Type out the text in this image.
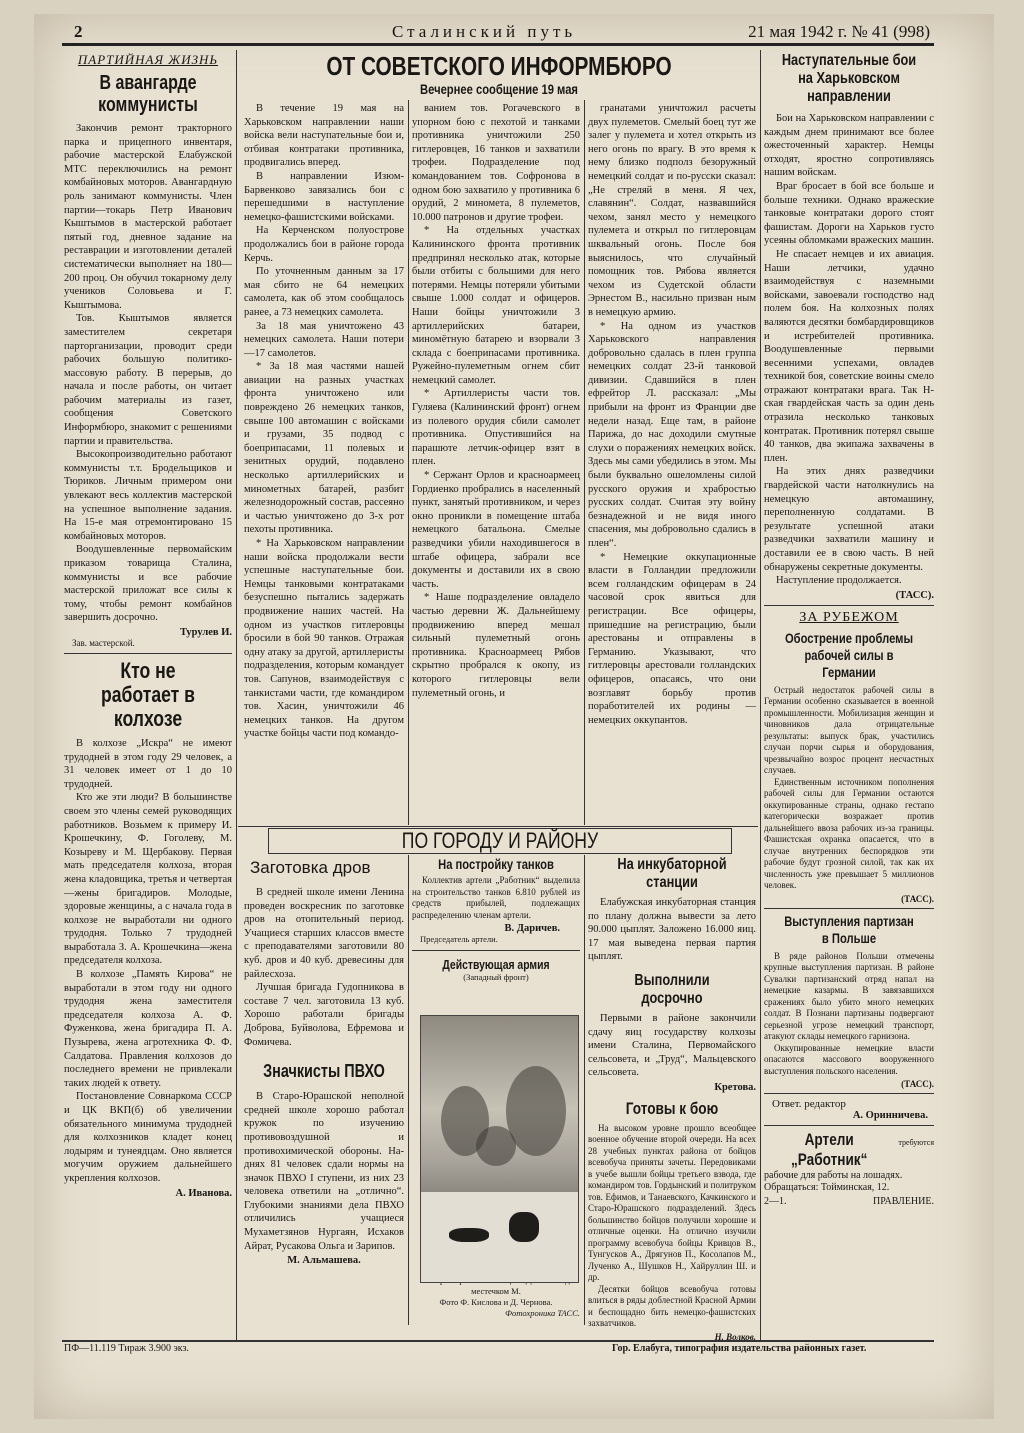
2	Сталинский путь	21 мая 1942 г. № 41 (998)
ПАРТИЙНАЯ ЖИЗНЬ
В авангарде коммунисты

Закончив ремонт тракторного парка и прицепного инвентаря, рабочие мастерской Елабужской МТС переключились на ремонт комбайновых моторов. Авангардную роль занимают коммунисты. Член партии—токарь Петр Иванович Кыштымов в мастерской работает пятый год, дневное задание на реставрации и изготовлении деталей систематически выполняет на 180—200 проц. Он обучил токарному делу учеников Соловьева и Г. Кыштымова.

Тов. Кыштымов является заместителем секретаря парторганизации, проводит среди рабочих большую политико-массовую работу. В перерыв, до начала и после работы, он читает рабочим материалы из газет, сообщения Советского Информбюро, знакомит с решениями партии и правительства.

Высокопроизводительно работают коммунисты т.т. Бродельщиков и Тюриков. Личным примером они увлекают весь коллектив мастерской на успешное выполнение задания. На 15-е мая отремонтировано 15 комбайновых моторов.

Воодушевленные первомайским приказом товарища Сталина, коммунисты и все рабочие мастерской приложат все силы к тому, чтобы ремонт комбайнов завершить досрочно.

Турулев И.
Зав. мастерской.
Кто не работает в колхозе

В колхозе „Искра“ не имеют трудодней в этом году 29 человек, а 31 человек имеет от 1 до 10 трудодней.

Кто же эти люди? В большинстве своем это члены семей руководящих работников. Возьмем к примеру И. Крошечкину, Ф. Гоголеву, М. Козыреву и М. Щербакову. Первая мать председателя колхоза, вторая жена кладовщика, третья и четвертая—жены бригадиров. Молодые, здоровые женщины, а с начала года в колхозе не выработали ни одного трудодня. Только 7 трудодней выработала З. А. Крошечкина—жена председателя колхоза.

В колхозе „Память Кирова“ не выработали в этом году ни одного трудодня жена заместителя председателя колхоза А. Ф. Фуженкова, жена бригадира П. А. Пузырева, жена агротехника Ф. Ф. Салдатова. Правления колхозов до последнего времени не привлекали таких людей к ответу.

Постановление Совнаркома СССР и ЦК ВКП(б) об увеличении обязательного минимума трудодней для колхозников кладет конец лодырям и тунеядцам. Оно является могучим оружием дальнейшего укрепления колхозов.

А. Иванова.
ОТ СОВЕТСКОГО ИНФОРМБЮРО
Вечернее сообщение 19 мая

В течение 19 мая на Харьковском направлении наши войска вели наступательные бои и, отбивая контратаки противника, продвигались вперед.

В направлении Изюм-Барвенково завязались бои с перешедшими в наступление немецко-фашистскими войсками.

На Керченском полуострове продолжались бои в районе города Керчь.

По уточненным данным за 17 мая сбито не 64 немецких самолета, как об этом сообщалось ранее, а 73 немецких самолета.

За 18 мая уничтожено 43 немецких самолета. Наши потери—17 самолетов.

* За 18 мая частями нашей авиации на разных участках фронта уничтожено или повреждено 26 немецких танков, свыше 100 автомашин с войсками и грузами, 35 подвод с боеприпасами, 11 полевых и зенитных орудий, подавлено несколько артиллерийских и минометных батарей, разбит железнодорожный состав, рассеяно и частью уничтожено до 3-х рот пехоты противника.

* На Харьковском направлении наши войска продолжали вести успешные наступательные бои. Немцы танковыми контратаками безуспешно пытались задержать продвижение наших частей. На одном из участков гитлеровцы бросили в бой 90 танков. Отражая одну атаку за другой, артиллеристы подразделения, которым командует тов. Сапунов, взаимодействуя с танкистами части, где командиром тов. Хасин, уничтожили 46 немецких танков. На другом участке бойцы части под командо-

ванием тов. Рогачевского в упорном бою с пехотой и танками противника уничтожили 250 гитлеровцев, 16 танков и захватили трофеи. Подразделение под командованием тов. Софронова в одном бою захватило у противника 6 орудий, 2 миномета, 8 пулеметов, 10.000 патронов и другие трофеи.

* На отдельных участках Калининского фронта противник предпринял несколько атак, которые были отбиты с большими для него потерями. Немцы потеряли убитыми свыше 1.000 солдат и офицеров. Наши бойцы уничтожили 3 артиллерийских батареи, миномётную батарею и взорвали 3 склада с боеприпасами противника. Ружейно-пулеметным огнем сбит немецкий самолет.

* Артиллеристы части тов. Гуляева (Калининский фронт) огнем из полевого орудия сбили самолет противника. Опустившийся на парашюте летчик-офицер взят в плен.

* Сержант Орлов и красноармеец Гордиенко пробрались в населенный пункт, занятый противником, и через окно проникли в помещение штаба немецкого батальона. Смелые разведчики убили находившегося в штабе офицера, забрали все документы и доставили их в свою часть.

* Наше подразделение овладело частью деревни Ж. Дальнейшему продвижению вперед мешал сильный пулеметный огонь противника. Красноармеец Рябов скрытно пробрался к окопу, из которого гитлеровцы вели пулеметный огонь, и

гранатами уничтожил расчеты двух пулеметов. Смелый боец тут же залег у пулемета и хотел открыть из него огонь по врагу. В это время к нему близко подполз безоружный немецкий солдат и по-русски сказал: „Не стреляй в меня. Я чех, славянин“. Солдат, назвавшийся чехом, занял место у немецкого пулемета и открыл по гитлеровцам шквальный огонь. После боя выяснилось, что случайный помощник тов. Рябова является чехом из Судетской области Эрнестом В., насильно призван ным в немецкую армию.

* На одном из участков Харьковского направления добровольно сдалась в плен группа немецких солдат 23-й танковой дивизии. Сдавшийся в плен ефрейтор Л. рассказал: „Мы прибыли на фронт из Франции две недели назад. Еще там, в районе Парижа, до нас доходили смутные слухи о поражениях немецких войск. Здесь мы сами убедились в этом. Мы были буквально ошеломлены силой русского оружия и храбростью русских солдат. Считая эту войну безнадежной и не видя иного спасения, мы добровольно сдались в плен“.

* Немецкие оккупационные власти в Голландии предложили всем голландским офицерам в 24 часовой срок явиться для регистрации. Все офицеры, пришедшие на регистрацию, были арестованы и отправлены в Германию. Указывают, что гитлеровцы арестовали голландских офицеров, опасаясь, что они возглавят борьбу против поработителей их родины — немецких оккупантов.

ПО ГОРОДУ И РАЙОНУ
Заготовка дров

В средней школе имени Ленина проведен воскресник по заготовке дров на отопительный период. Учащиеся старших классов вместе с преподавателями заготовили 80 куб. дров и 40 куб. древесины для райлесхоза.

Лучшая бригада Гудопникова в составе 7 чел. заготовила 13 куб. Хорошо работали бригады Доброва, Буйволова, Ефремова и Фомичева.

Значкисты ПВХО

В Старо-Юрашской неполной средней школе хорошо работал кружок по изучению противовоздушной и противохимической обороны. На-днях 81 человек сдали нормы на значок ПВХО I ступени, из них 23 человека ответили на „отлично“. Глубокими знаниями дела ПВХО отличились учащиеся Мухаметзянов Нургаян, Исхаков Айрат, Русакова Ольга и Зарипов.

М. Альмашева.
На постройку танков

Коллектив артели „Работник“ выделила на строительство танков 6.810 рублей из средств прибылей, подлежащих распределению членам артели.

В. Даричев.
Председатель артели.
Действующая армия
(Западный фронт)
местечком М.
Фото Ф. Кислова и Д. Чернова.
Фотохроника ТАСС.
На инкубаторной станции

Елабужская инкубаторная станция по плану должна вывести за лето 90.000 цыплят. Заложено 16.000 яиц. 17 мая выведена первая партия цыплят.

Выполнили досрочно

Первыми в районе закончили сдачу яиц государству колхозы имени Сталина, Первомайского сельсовета, и „Труд“, Мальцевского сельсовета.

Кретова.
Готовы к бою

На высоком уровне прошло всеобщее военное обучение второй очереди. На всех 28 учебных пунктах района от бойцов всевобуча приняты зачеты. Передовиками в учебе вышли бойцы третьего взвода, где командиром тов. Гордынский и политруком тов. Ефимов, и Танаевского, Качкинского и Старо-Юрашского подразделений. Здесь большинство бойцов получили хорошие и отличные оценки. На отлично изучили программу всевобуча бойцы Кривцов В., Тунгусков А., Дрягунов П., Косолапов М., Лученко А., Шушков Н., Хайруллин Ш. и др.

Десятки бойцов всевобуча готовы влиться в ряды доблестной Красной Армии и беспощадно бить немецко-фашистских захватчиков.

Н. Волков.
Наступательные бои на Харьковском направлении

Бои на Харьковском направлении с каждым днем принимают все более ожесточенный характер. Немцы отходят, яростно сопротивляясь нашим войскам.

Враг бросает в бой все больше и больше техники. Однако вражеские танковые контратаки дорого стоят фашистам. Дороги на Харьков густо усеяны обломками вражеских машин.

Не спасает немцев и их авиация. Наши летчики, удачно взаимодействуя с наземными войсками, завоевали господство над полем боя. На колхозных полях валяются десятки бомбардировщиков и истребителей противника. Воодушевленные первыми весенними успехами, овладев техникой боя, советские воины смело отражают контратаки врага. Так Н-ская гвардейская часть за один день отразила несколько танковых контратак. Противник потерял свыше 40 танков, два экипажа захвачены в плен.

На этих днях разведчики гвардейской части натолкнулись на немецкую автомашину, переполненную солдатами. В результате успешной атаки разведчики захватили машину и доставили ее в свою часть. В ней обнаружены секретные документы.

Наступление продолжается.

(ТАСС).
ЗА РУБЕЖОМ
Обострение проблемы рабочей силы в Германии

Острый недостаток рабочей силы в Германии особенно сказывается в военной промышленности. Мобилизация женщин и чиновников дала отрицательные результаты: выпуск брак, участились случаи порчи сырья и оборудования, чрезвычайно возрос процент несчастных случаев.

Единственным источником пополнения рабочей силы для Германии остаются оккупированные страны, однако гестапо категорически возражает против дальнейшего ввоза рабочих из-за границы. Фашистская охранка опасается, что в случае внутренних беспорядков эти рабочие будут грозной силой, так как их численность уже превышает 5 миллионов человек.

(ТАСС).
Выступления партизан в Польше

В ряде районов Польши отмечены крупные выступления партизан. В районе Сувалки партизанский отряд напал на немецкие казармы. В завязавшихся сражениях было убито много немецких солдат. В Познани партизаны подвергают серьезной угрозе немецкий транспорт, атакуют склады немецкого гарнизона.

Оккупированные немецкие власти опасаются массового вооруженного выступления польского населения.

(ТАСС).
Ответ. редактор
А. Оринничева.
Артели „Работник“
требуются
рабочие для работы на лошадях. Обращаться: Тойминская, 12.
2—1.	ПРАВЛЕНИЕ.
ПФ—11.119 Тираж 3.900 экз.	Гор. Елабуга, типография издательства районных газет.
